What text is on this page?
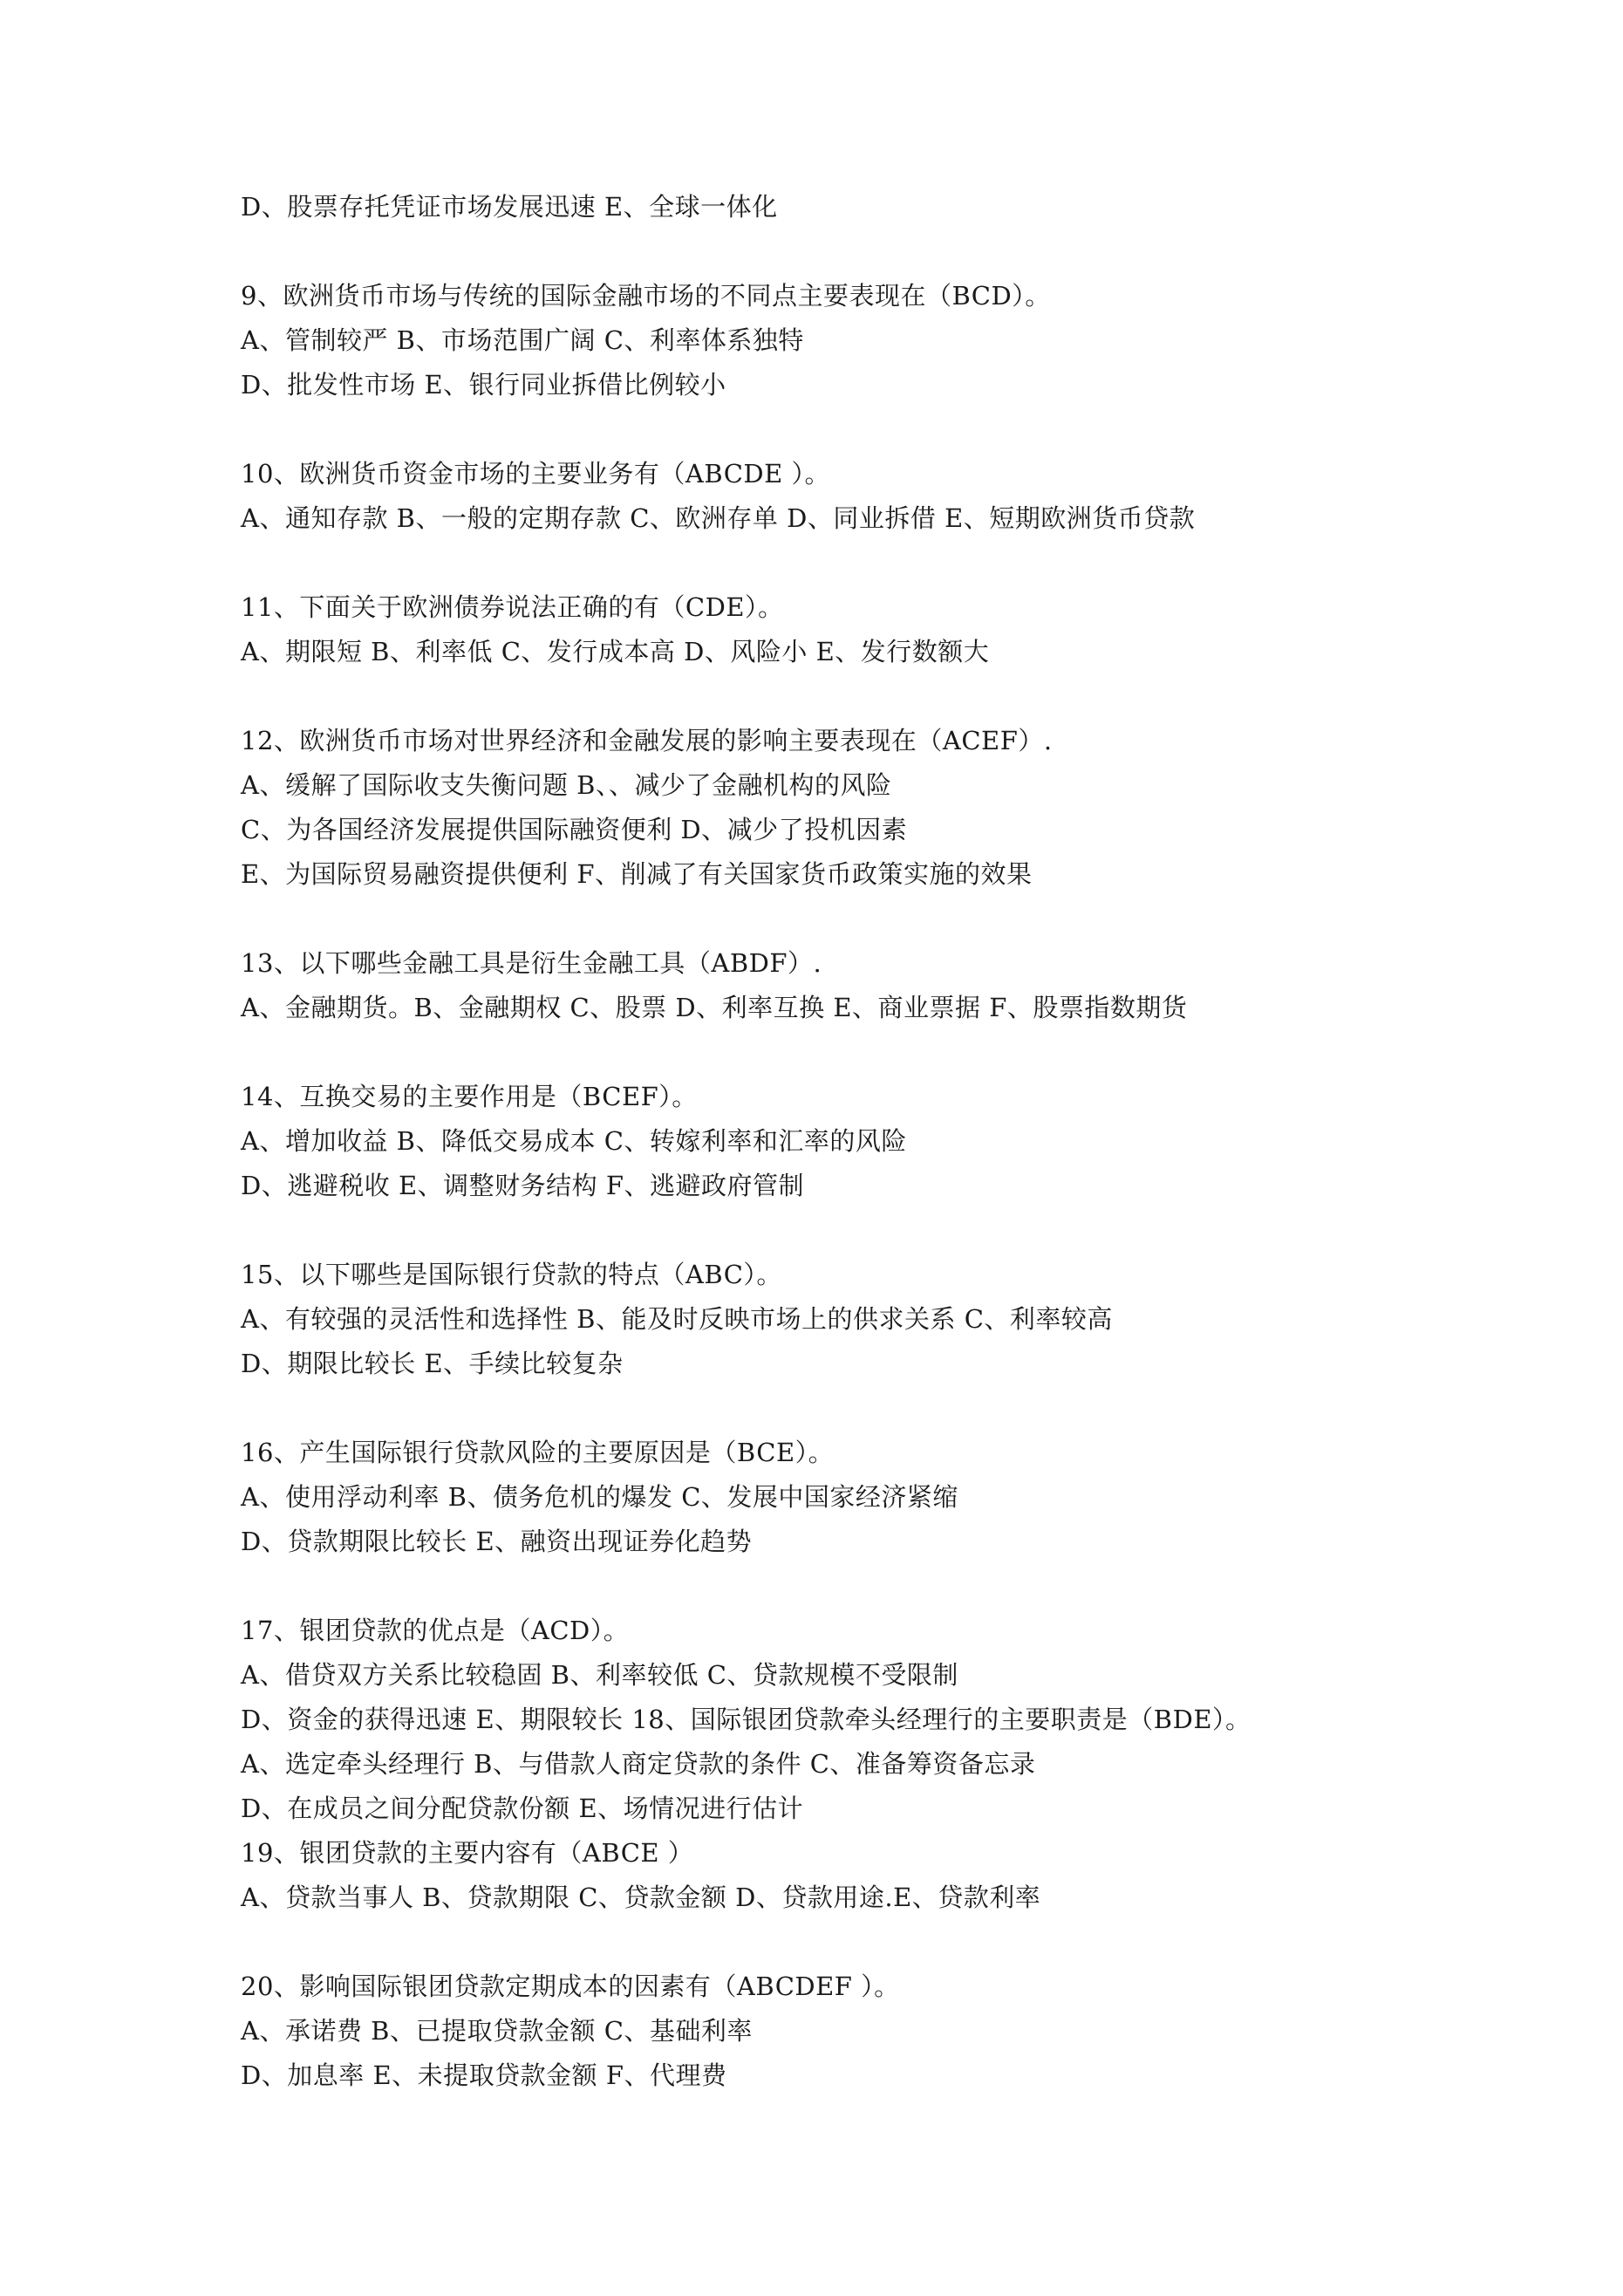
D、股票存托凭证市场发展迅速 E、全球一体化
9、欧洲货币市场与传统的国际金融市场的不同点主要表现在（BCD）。
A、管制较严 B、市场范围广阔 C、利率体系独特
D、批发性市场 E、银行同业拆借比例较小
10、欧洲货币资金市场的主要业务有（ABCDE ）。
A、通知存款 B、一般的定期存款 C、欧洲存单 D、同业拆借 E、短期欧洲货币贷款
11、下面关于欧洲债券说法正确的有（CDE）。
A、期限短 B、利率低 C、发行成本高 D、风险小 E、发行数额大
12、欧洲货币市场对世界经济和金融发展的影响主要表现在（ACEF）.
A、缓解了国际收支失衡问题 B、、减少了金融机构的风险
C、为各国经济发展提供国际融资便利 D、减少了投机因素
E、为国际贸易融资提供便利 F、削减了有关国家货币政策实施的效果
13、以下哪些金融工具是衍生金融工具（ABDF）.
A、金融期货。B、金融期权 C、股票 D、利率互换 E、商业票据 F、股票指数期货
14、互换交易的主要作用是（BCEF）。
A、增加收益 B、降低交易成本 C、转嫁利率和汇率的风险
D、逃避税收 E、调整财务结构 F、逃避政府管制
15、以下哪些是国际银行贷款的特点（ABC）。
A、有较强的灵活性和选择性 B、能及时反映市场上的供求关系 C、利率较高
D、期限比较长 E、手续比较复杂
16、产生国际银行贷款风险的主要原因是（BCE）。
A、使用浮动利率 B、债务危机的爆发 C、发展中国家经济紧缩
D、贷款期限比较长 E、融资出现证券化趋势
17、银团贷款的优点是（ACD）。
A、借贷双方关系比较稳固 B、利率较低 C、贷款规模不受限制
D、资金的获得迅速 E、期限较长 18、国际银团贷款牵头经理行的主要职责是（BDE）。
A、选定牵头经理行 B、与借款人商定贷款的条件 C、准备筹资备忘录
D、在成员之间分配贷款份额 E、场情况进行估计
19、银团贷款的主要内容有（ABCE ）
A、贷款当事人 B、贷款期限 C、贷款金额 D、贷款用途.E、贷款利率
20、影响国际银团贷款定期成本的因素有（ABCDEF ）。
A、承诺费 B、已提取贷款金额 C、基础利率
D、加息率 E、未提取贷款金额 F、代理费
